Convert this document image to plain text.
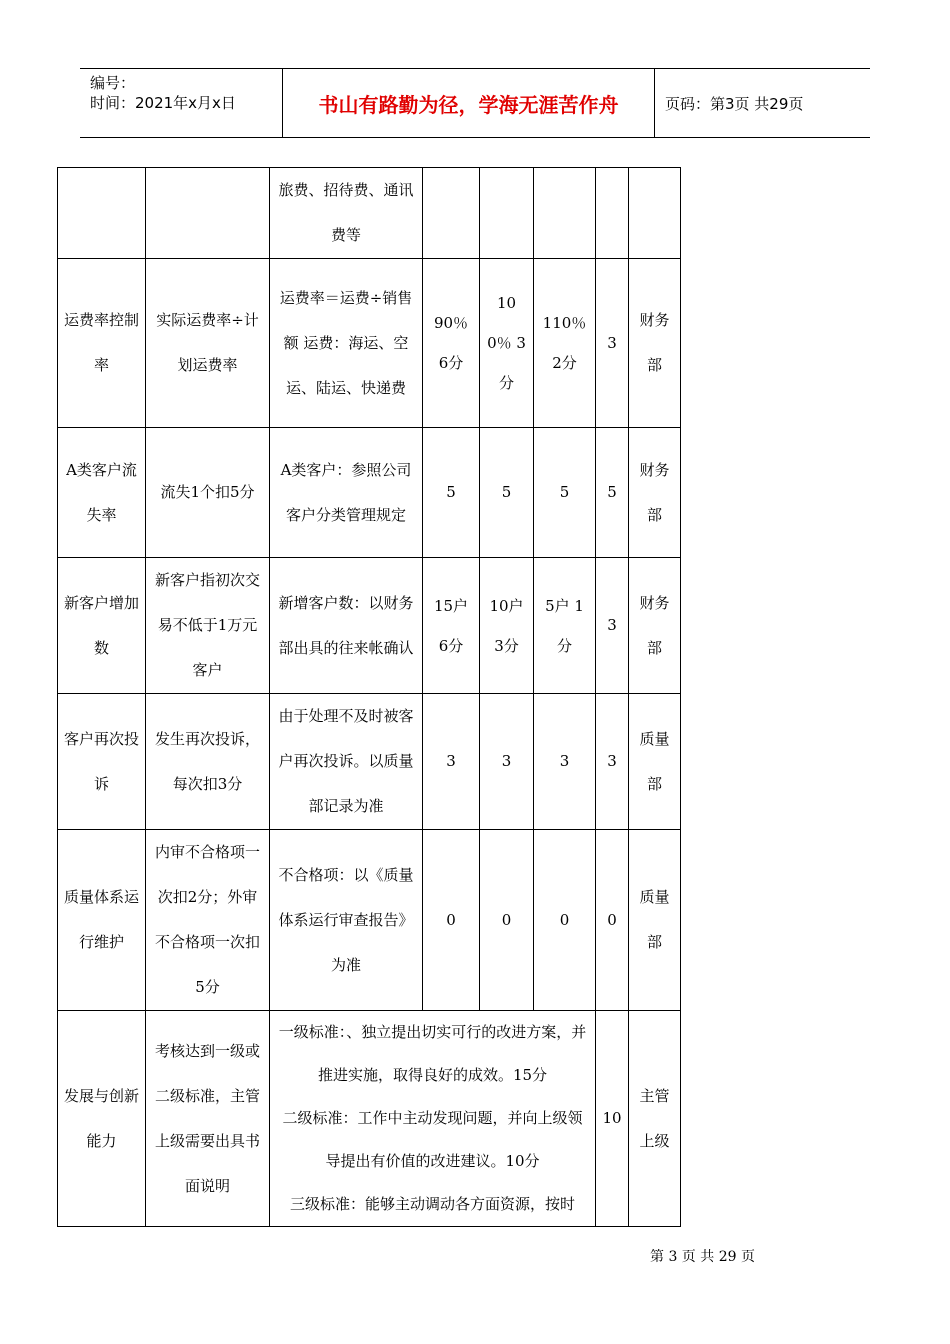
编号：
时间：2021年x月x日	书山有路勤为径，学海无涯苦作舟	页码：第3页 共29页
		旅费、招待费、通讯费等					
运费率控制率	实际运费率÷计划运费率	运费率＝运费÷销售额 运费：海运、空运、陆运、快递费	90％ 6分	100％ 3分	110％ 2分	3	财务部
A类客户流失率	流失1个扣5分	A类客户：参照公司客户分类管理规定	5	5	5	5	财务部
新客户增加数	新客户指初次交易不低于1万元客户	新增客户数：以财务部出具的往来帐确认	15户 6分	10户 3分	5户 1分	3	财务部
客户再次投诉	发生再次投诉，每次扣3分	由于处理不及时被客户再次投诉。以质量部记录为准	3	3	3	3	质量部
质量体系运行维护	内审不合格项一次扣2分；外审不合格项一次扣5分	不合格项：以《质量体系运行审查报告》为准	0	0	0	0	质量部
发展与创新能力	考核达到一级或二级标准，主管上级需要出具书面说明	一级标准：、独立提出切实可行的改进方案，并推进实施，取得良好的成效。15分
二级标准：工作中主动发现问题，并向上级领导提出有价值的改进建议。10分
三级标准：能够主动调动各方面资源，按时				10	主管上级
第 3 页 共 29 页
